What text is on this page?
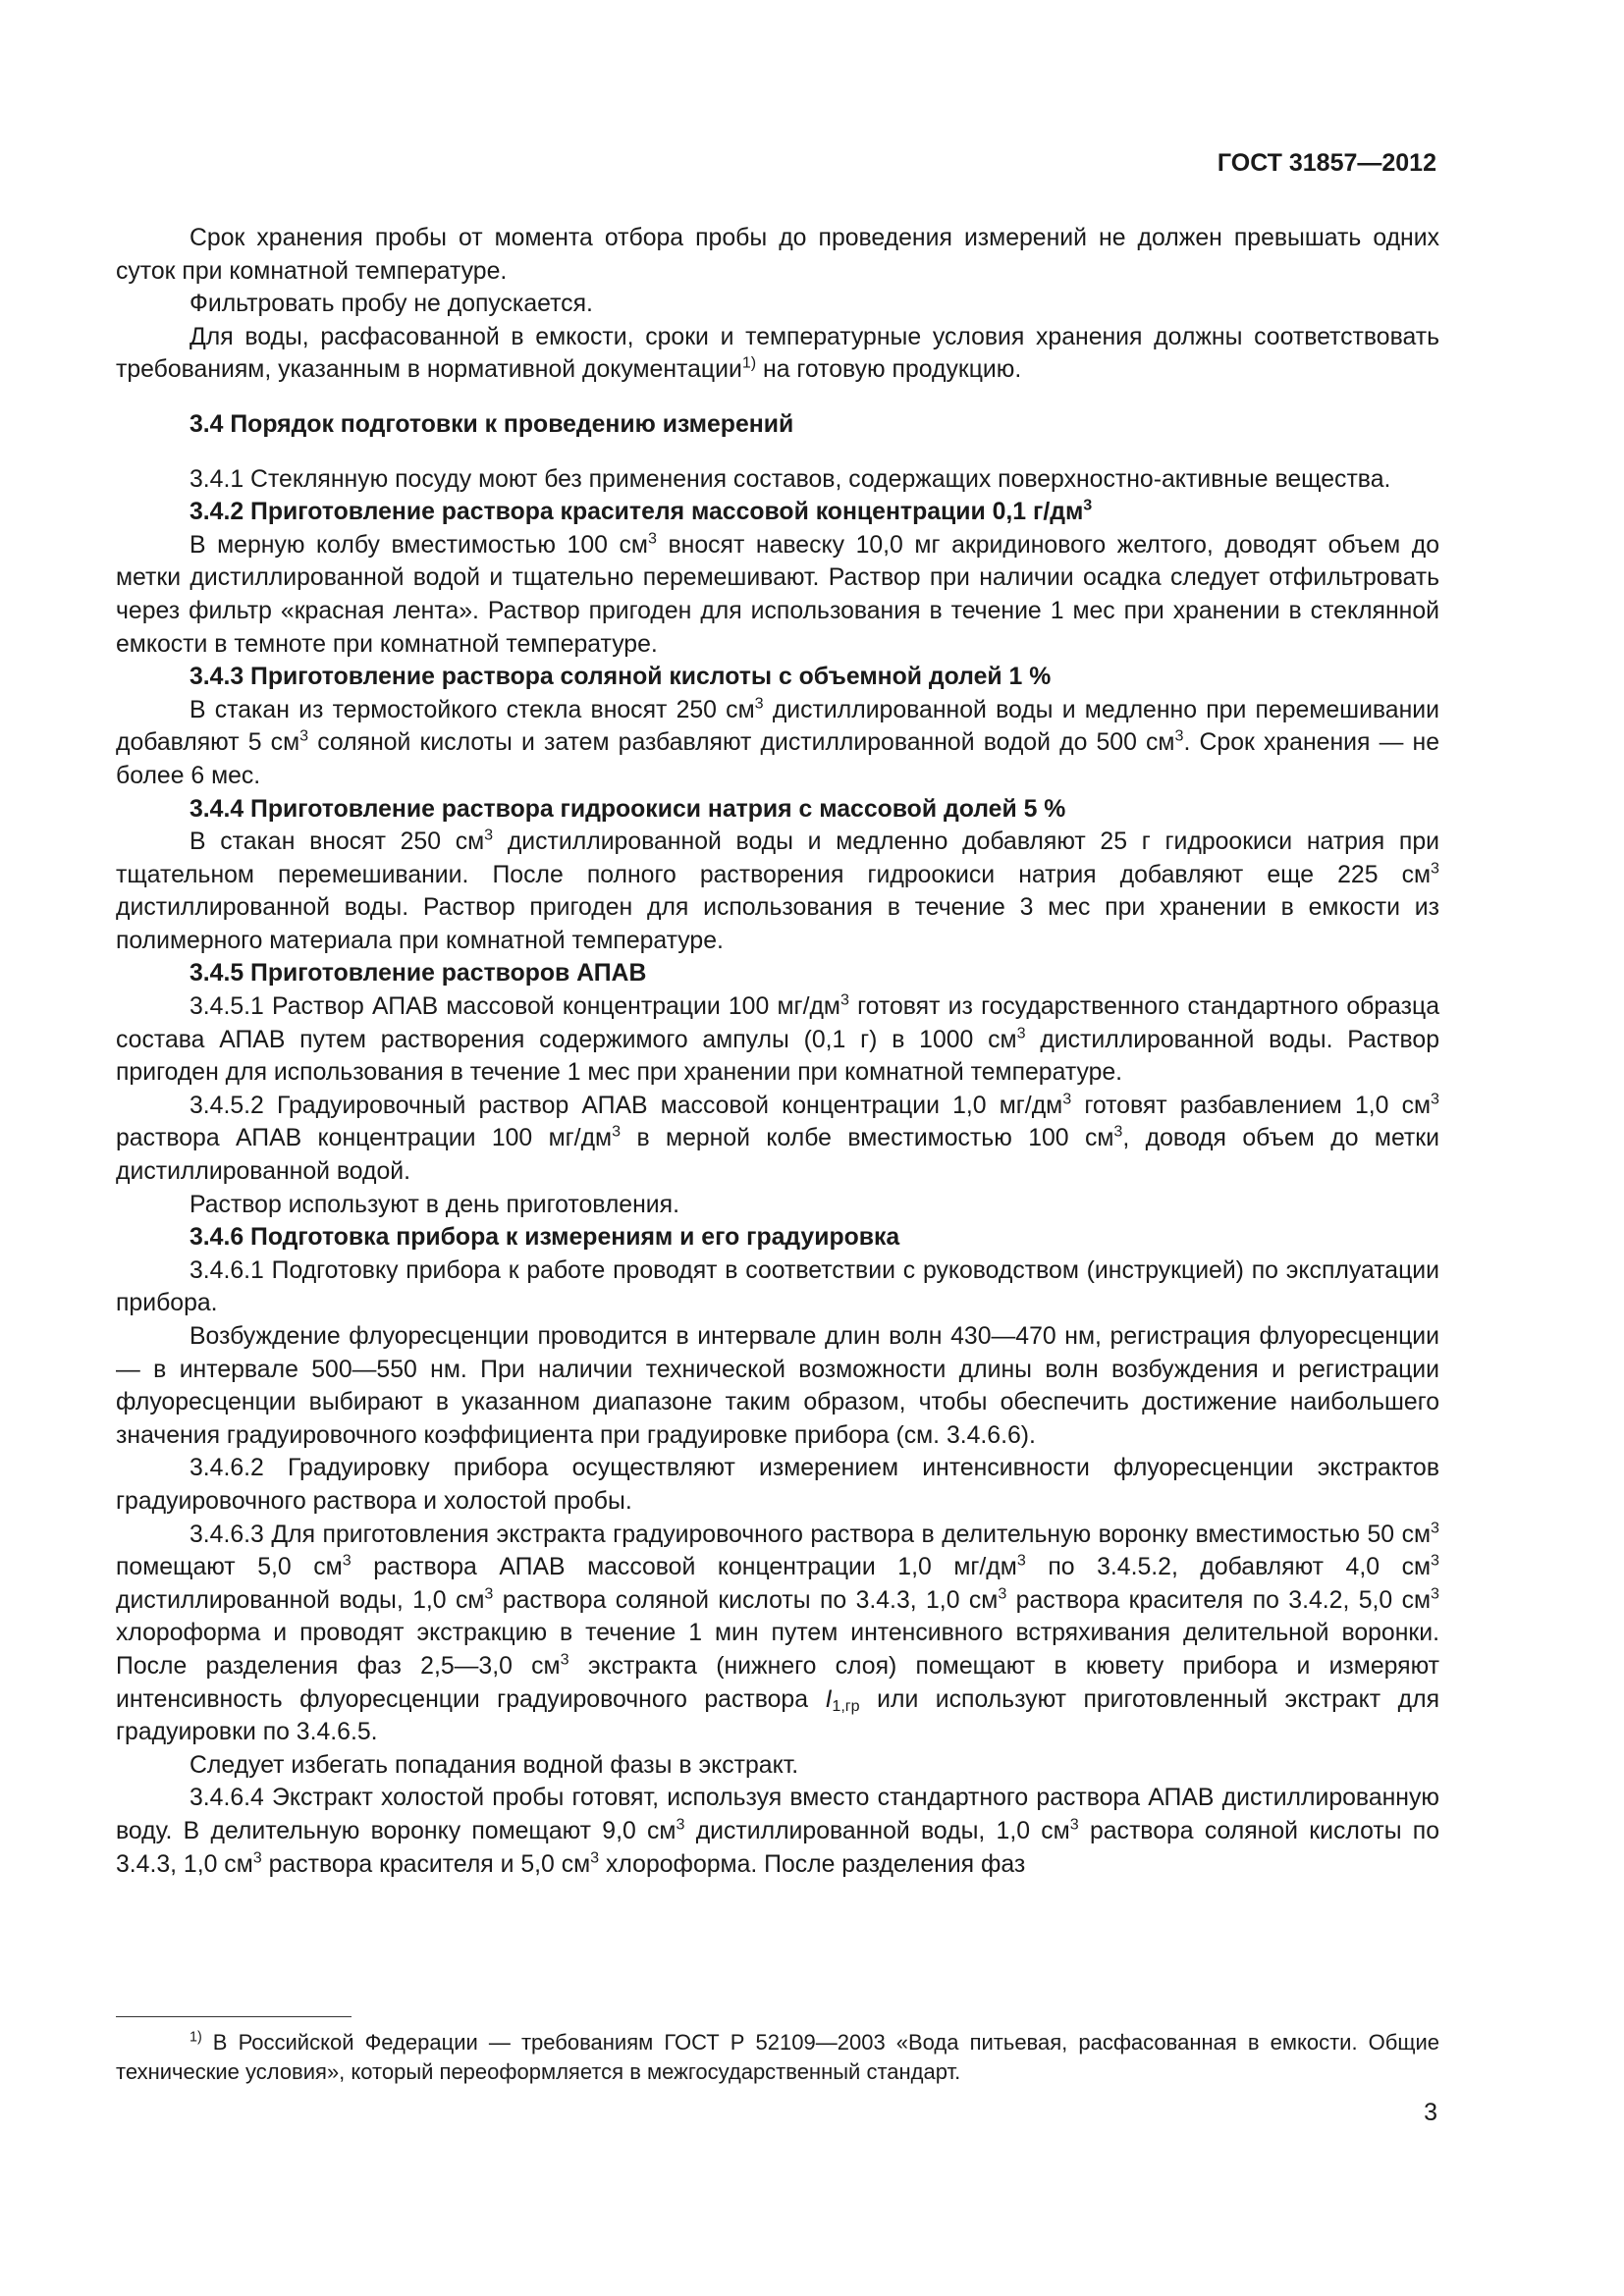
ГОСТ 31857—2012

Срок хранения пробы от момента отбора пробы до проведения измерений не должен превышать одних суток при комнатной температуре.

Фильтровать пробу не допускается.

Для воды, расфасованной в емкости, сроки и температурные условия хранения должны соответствовать требованиям, указанным в нормативной документации$^{1)}$ на готовую продукцию.

3.4 Порядок подготовки к проведению измерений

3.4.1 Стеклянную посуду моют без применения составов, содержащих поверхностно-активные вещества.

3.4.2 Приготовление раствора красителя массовой концентрации 0,1 $г/дм^3$

В мерную колбу вместимостью 100 $см^3$ вносят навеску 10,0 мг акридинового желтого, доводят объем до метки дистиллированной водой и тщательно перемешивают. Раствор при наличии осадка следует отфильтровать через фильтр «красная лента». Раствор пригоден для использования в течение 1 мес при хранении в стеклянной емкости в темноте при комнатной температуре.

3.4.3 Приготовление раствора соляной кислоты с объемной долей 1 %

В стакан из термостойкого стекла вносят 250 $см^3$ дистиллированной воды и медленно при перемешивании добавляют 5 $см^3$ соляной кислоты и затем разбавляют дистиллированной водой до 500 $см^3$. Срок хранения — не более 6 мес.

3.4.4 Приготовление раствора гидроокиси натрия с массовой долей 5 %

В стакан вносят 250 $см^3$ дистиллированной воды и медленно добавляют 25 г гидроокиси натрия при тщательном перемешивании. После полного растворения гидроокиси натрия добавляют еще 225 $см^3$ дистиллированной воды. Раствор пригоден для использования в течение 3 мес при хранении в емкости из полимерного материала при комнатной температуре.

3.4.5 Приготовление растворов АПАВ

3.4.5.1 Раствор АПАВ массовой концентрации 100 $мг/дм^3$ готовят из государственного стандартного образца состава АПАВ путем растворения содержимого ампулы (0,1 г) в 1000 $см^3$ дистиллированной воды. Раствор пригоден для использования в течение 1 мес при хранении при комнатной температуре.

3.4.5.2 Градуировочный раствор АПАВ массовой концентрации 1,0 $мг/дм^3$ готовят разбавлением 1,0 $см^3$ раствора АПАВ концентрации 100 $мг/дм^3$ в мерной колбе вместимостью 100 $см^3$, доводя объем до метки дистиллированной водой.

Раствор используют в день приготовления.

3.4.6 Подготовка прибора к измерениям и его градуировка

3.4.6.1 Подготовку прибора к работе проводят в соответствии с руководством (инструкцией) по эксплуатации прибора.

Возбуждение флуоресценции проводится в интервале длин волн 430—470 нм, регистрация флуоресценции — в интервале 500—550 нм. При наличии технической возможности длины волн возбуждения и регистрации флуоресценции выбирают в указанном диапазоне таким образом, чтобы обеспечить достижение наибольшего значения градуировочного коэффициента при градуировке прибора (см. 3.4.6.6).

3.4.6.2 Градуировку прибора осуществляют измерением интенсивности флуоресценции экстрактов градуировочного раствора и холостой пробы.

3.4.6.3 Для приготовления экстракта градуировочного раствора в делительную воронку вместимостью 50 $см^3$ помещают 5,0 $см^3$ раствора АПАВ массовой концентрации 1,0 $мг/дм^3$ по 3.4.5.2, добавляют 4,0 $см^3$ дистиллированной воды, 1,0 $см^3$ раствора соляной кислоты по 3.4.3, 1,0 $см^3$ раствора красителя по 3.4.2, 5,0 $см^3$ хлороформа и проводят экстракцию в течение 1 мин путем интенсивного встряхивания делительной воронки. После разделения фаз 2,5—3,0 $см^3$ экстракта (нижнего слоя) помещают в кювету прибора и измеряют интенсивность флуоресценции градуировочного раствора $I_{1,гр}$ или используют приготовленный экстракт для градуировки по 3.4.6.5.

Следует избегать попадания водной фазы в экстракт.

3.4.6.4 Экстракт холостой пробы готовят, используя вместо стандартного раствора АПАВ дистиллированную воду. В делительную воронку помещают 9,0 $см^3$ дистиллированной воды, 1,0 $см^3$ раствора соляной кислоты по 3.4.3, 1,0 $см^3$ раствора красителя и 5,0 $см^3$ хлороформа. После разделения фаз

$^{1)}$ В Российской Федерации — требованиям ГОСТ Р 52109—2003 «Вода питьевая, расфасованная в емкости. Общие технические условия», который переоформляется в межгосударственный стандарт.

3
